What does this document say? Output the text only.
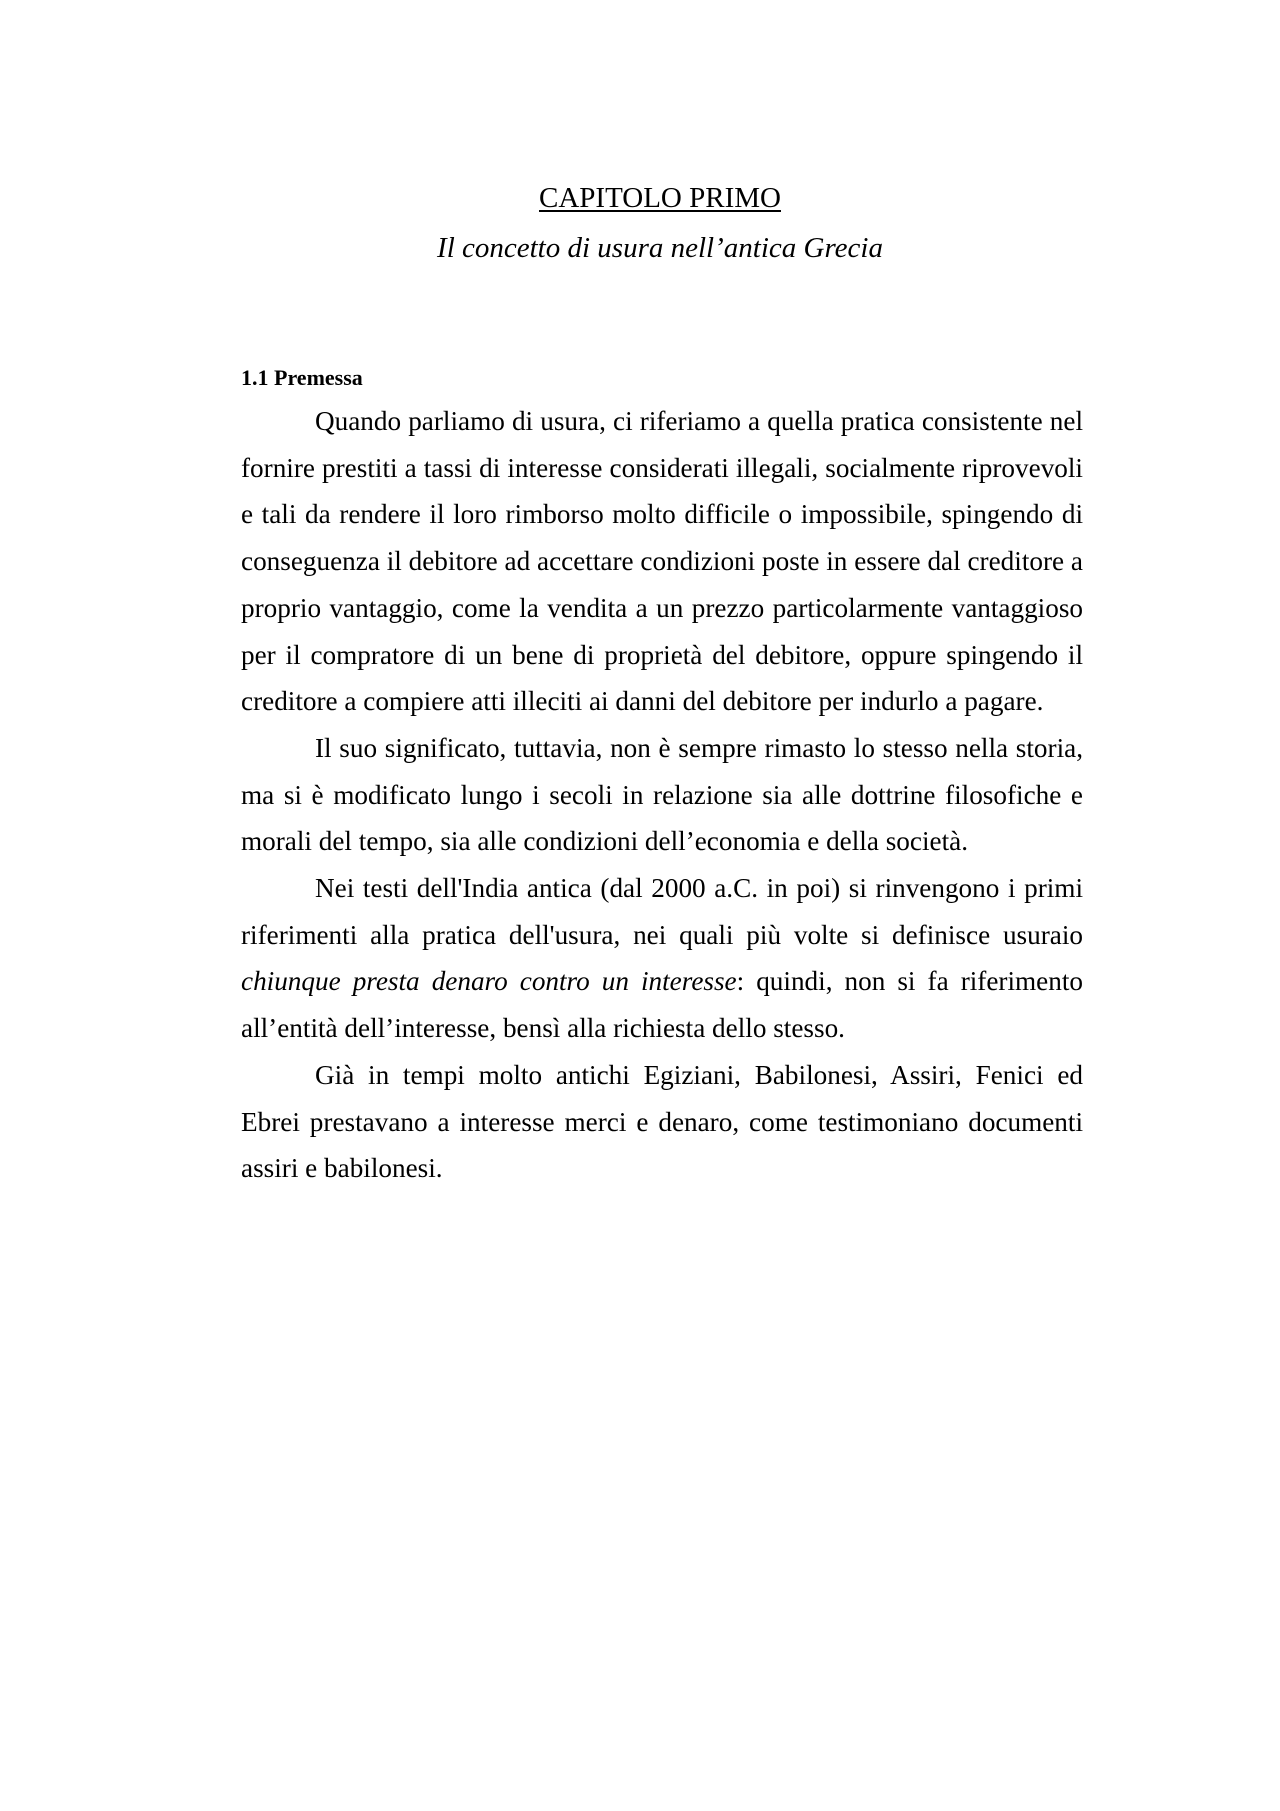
CAPITOLO PRIMO
Il concetto di usura nell’antica Grecia
1.1 Premessa

Quando parliamo di usura, ci riferiamo a quella pratica consistente nel fornire prestiti a tassi di interesse considerati illegali, socialmente riprovevoli e tali da rendere il loro rimborso molto difficile o impossibile, spingendo di conseguenza il debitore ad accettare condizioni poste in essere dal creditore a proprio vantaggio, come la vendita a un prezzo particolarmente vantaggioso per il compratore di un bene di proprietà del debitore, oppure spingendo il creditore a compiere atti illeciti ai danni del debitore per indurlo a pagare.

Il suo significato, tuttavia, non è sempre rimasto lo stesso nella storia, ma si è modificato lungo i secoli in relazione sia alle dottrine filosofiche e morali del tempo, sia alle condizioni dell’economia e della società.

Nei testi dell'India antica (dal 2000 a.C. in poi) si rinvengono i primi riferimenti alla pratica dell'usura, nei quali più volte si definisce usuraio chiunque presta denaro contro un interesse: quindi, non si fa riferimento all’entità dell’interesse, bensì alla richiesta dello stesso.

Già in tempi molto antichi Egiziani, Babilonesi, Assiri, Fenici ed Ebrei prestavano a interesse merci e denaro, come testimoniano documenti assiri e babilonesi.
